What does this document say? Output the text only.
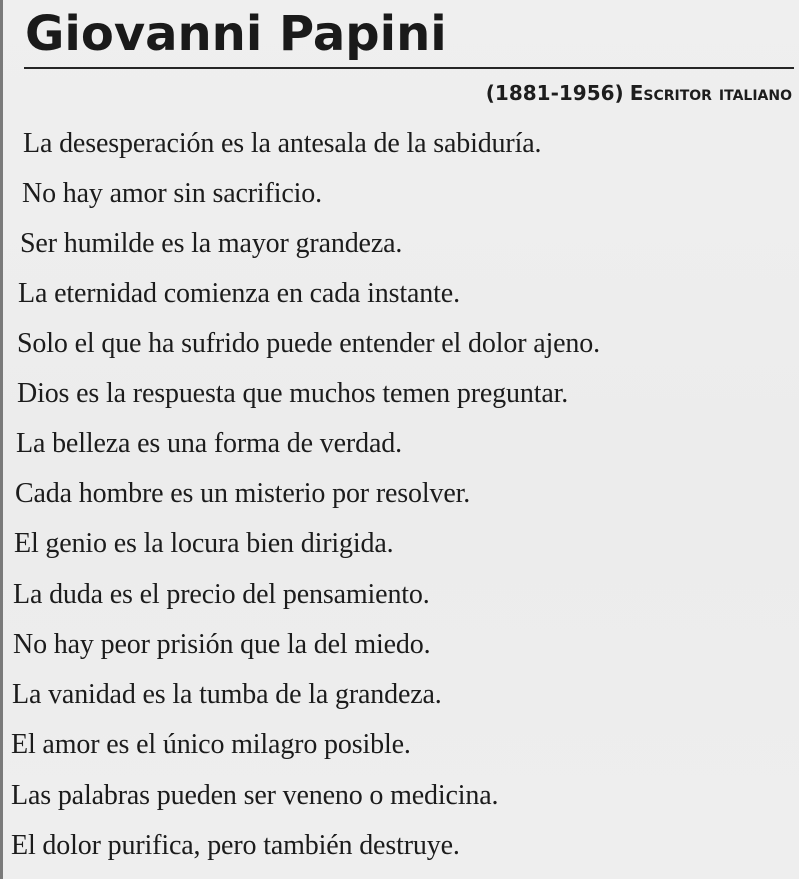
Giovanni Papini
(1881-1956) Escritor italiano
La desesperación es la antesala de la sabiduría.
No hay amor sin sacrificio.
Ser humilde es la mayor grandeza.
La eternidad comienza en cada instante.
Solo el que ha sufrido puede entender el dolor ajeno.
Dios es la respuesta que muchos temen preguntar.
La belleza es una forma de verdad.
Cada hombre es un misterio por resolver.
El genio es la locura bien dirigida.
La duda es el precio del pensamiento.
No hay peor prisión que la del miedo.
La vanidad es la tumba de la grandeza.
El amor es el único milagro posible.
Las palabras pueden ser veneno o medicina.
El dolor purifica, pero también destruye.
